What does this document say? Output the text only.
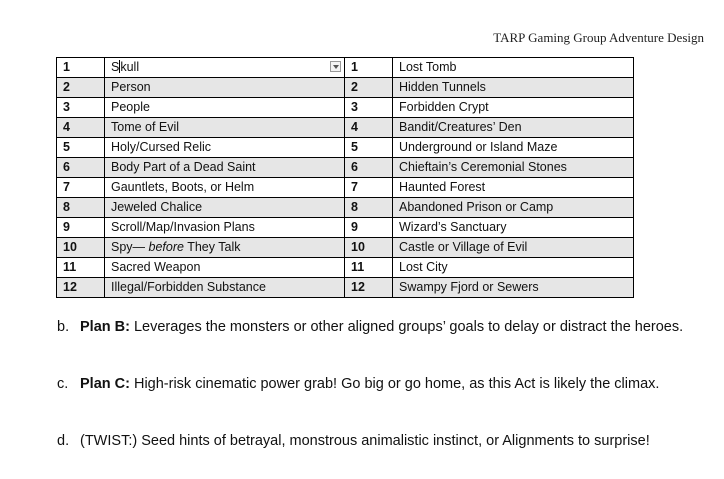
TARP Gaming Group Adventure Design
1	Skull	1	Lost Tomb
2	Person	2	Hidden Tunnels
3	People	3	Forbidden Crypt
4	Tome of Evil	4	Bandit/Creatures’ Den
5	Holy/Cursed Relic	5	Underground or Island Maze
6	Body Part of a Dead Saint	6	Chieftain’s Ceremonial Stones
7	Gauntlets, Boots, or Helm	7	Haunted Forest
8	Jeweled Chalice	8	Abandoned Prison or Camp
9	Scroll/Map/Invasion Plans	9	Wizard’s Sanctuary
10	Spy— before They Talk	10	Castle or Village of Evil
11	Sacred Weapon	11	Lost City
12	Illegal/Forbidden Substance	12	Swampy Fjord or Sewers
b. Plan B: Leverages the monsters or other aligned groups’ goals to delay or distract the heroes.
c. Plan C: High-risk cinematic power grab! Go big or go home, as this Act is likely the climax.
d. (TWIST:) Seed hints of betrayal, monstrous animalistic instinct, or Alignments to surprise!
